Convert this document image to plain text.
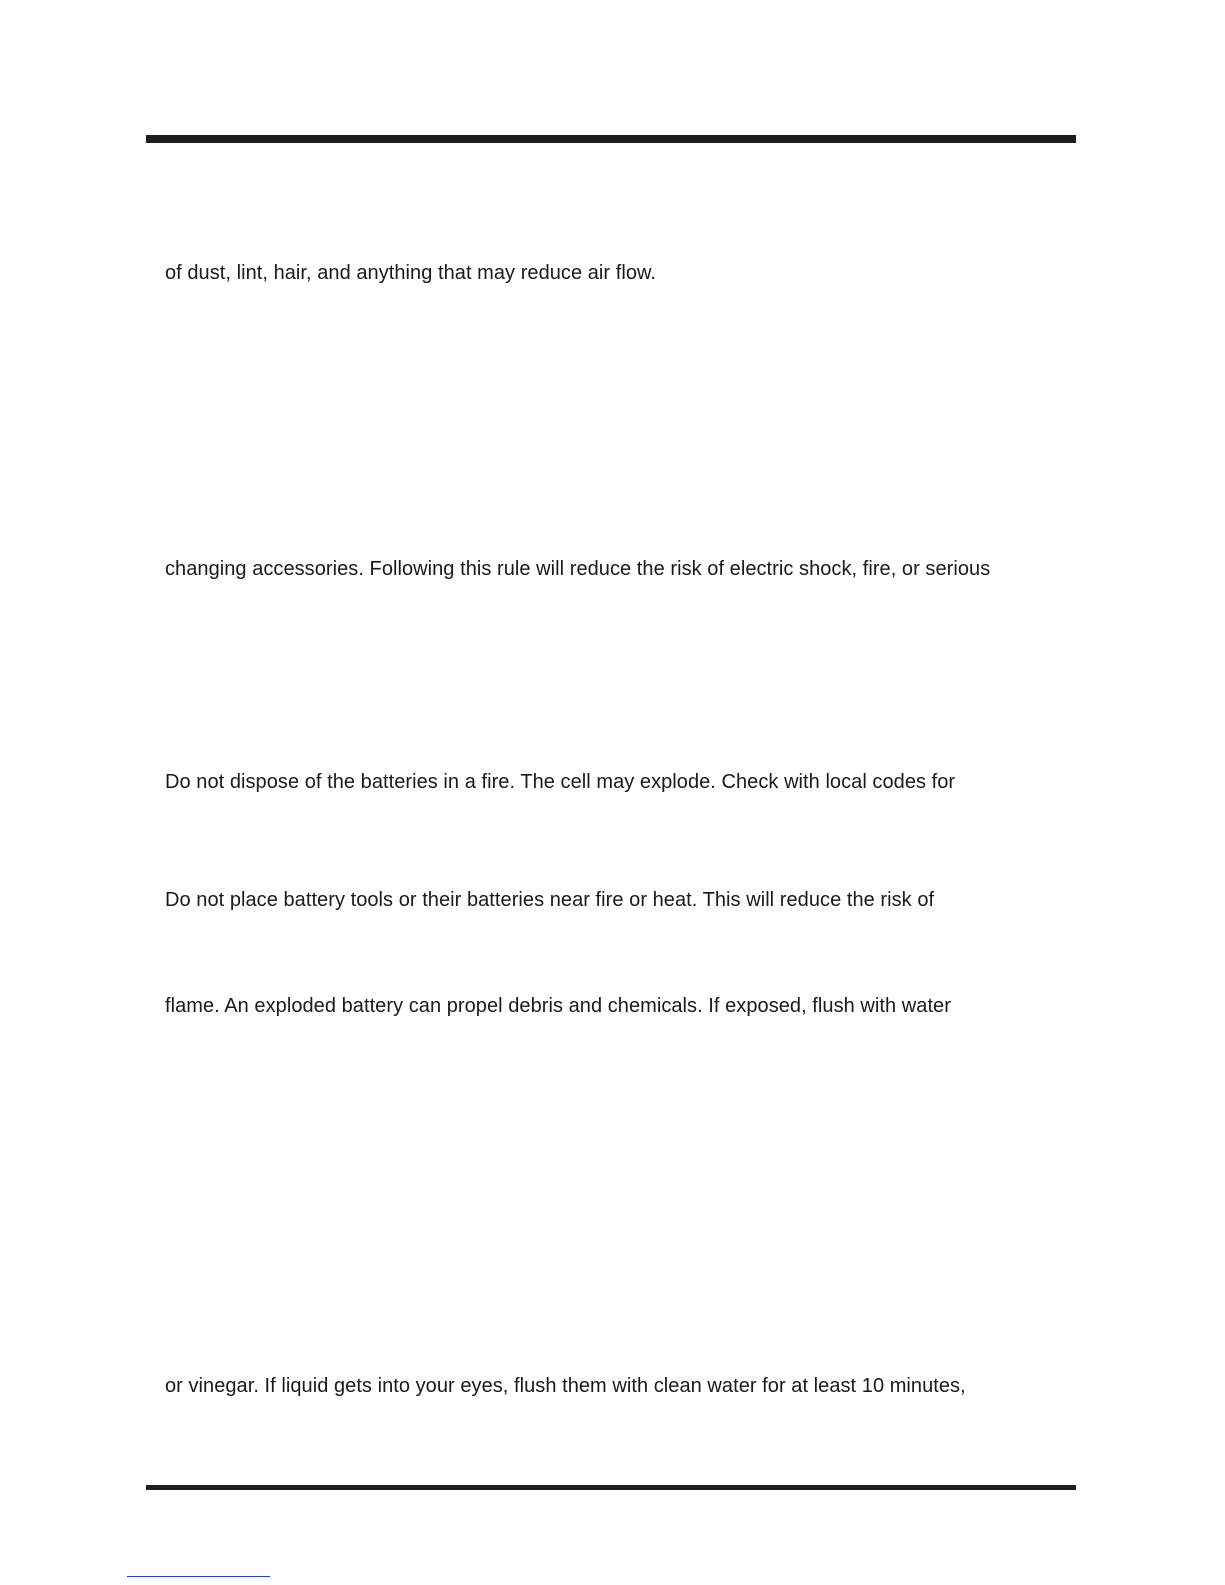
of dust, lint, hair, and anything that may reduce air flow.
changing accessories. Following this rule will reduce the risk of electric shock, fire, or serious
Do not dispose of the batteries in a fire. The cell may explode. Check with local codes for
Do not place battery tools or their batteries near fire or heat. This will reduce the risk of
flame. An exploded battery can propel debris and chemicals. If exposed, flush with water
or vinegar. If liquid gets into your eyes, flush them with clean water for at least 10 minutes,
